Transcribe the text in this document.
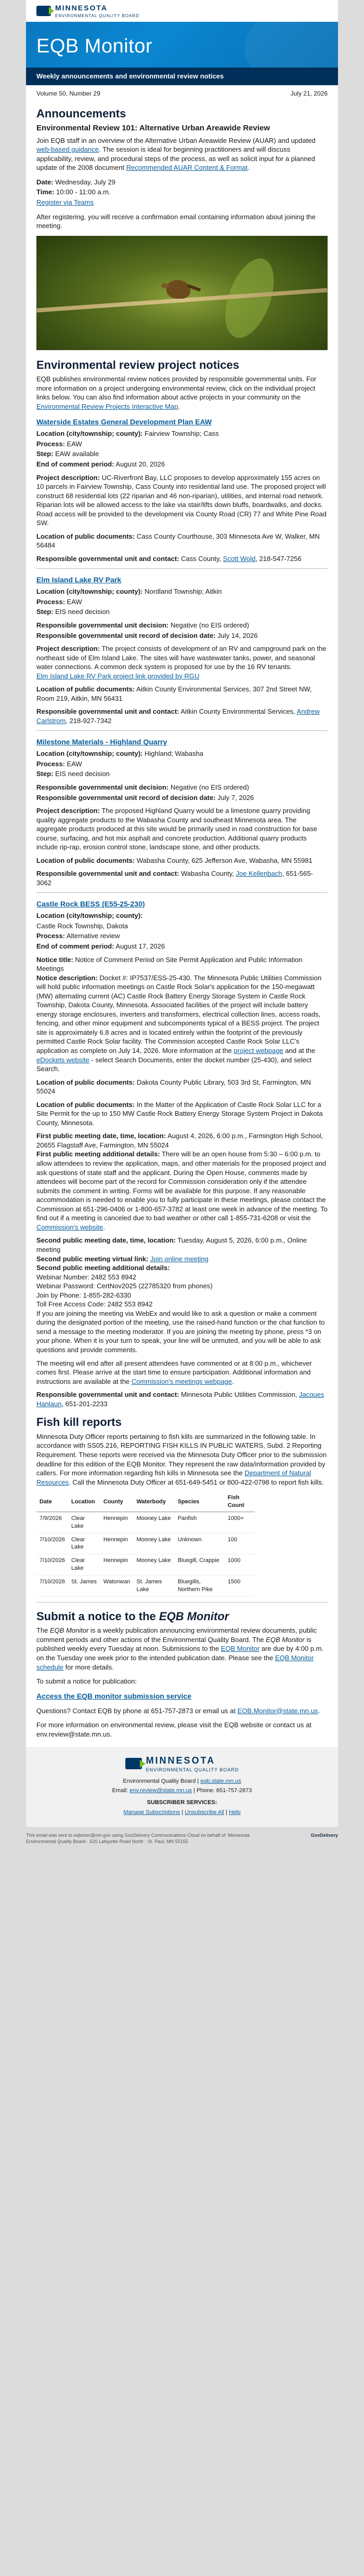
MINNESOTA
ENVIRONMENTAL QUALITY BOARD
EQB Monitor
Weekly announcements and environmental review notices
Volume 50, Number 29	July 21, 2026
Announcements
Environmental Review 101: Alternative Urban Areawide Review

Join EQB staff in an overview of the Alternative Urban Areawide Review (AUAR) and updated web-based guidance. The session is ideal for beginning practitioners and will discuss applicability, review, and procedural steps of the process, as well as solicit input for a planned update of the 2008 document Recommended AUAR Content & Format.

Date: Wednesday, July 29

Time: 10:00 - 11:00 a.m.

Register via Teams

After registering, you will receive a confirmation email containing information about joining the meeting.

Environmental review project notices

EQB publishes environmental review notices provided by responsible governmental units. For more information on a project undergoing environmental review, click on the individual project links below. You can also find information about active projects in your community on the Environmental Review Projects Interactive Map.

Waterside Estates General Development Plan EAW
Location (city/township; county): Fairview Township; Cass
Process: EAW
Step: EAW available
End of comment period: August 20, 2026

Project description: UC-Riverfront Bay, LLC proposes to develop approximately 155 acres on 10 parcels in Fairview Township, Cass County into residential land use. The proposed project will construct 68 residential lots (22 riparian and 46 non-riparian), utilities, and internal road network. Riparian lots will be allowed access to the lake via stair/lifts down bluffs, boardwalks, and docks. Road access will be provided to the development via County Road (CR) 77 and White Pine Road SW.

Location of public documents: Cass County Courthouse, 303 Minnesota Ave W, Walker, MN 56484

Responsible governmental unit and contact: Cass County, Scott Wold, 218-547-7256

Elm Island Lake RV Park
Location (city/township; county): Nordland Township; Aitkin
Process: EAW
Step: EIS need decision
Responsible governmental unit decision: Negative (no EIS ordered)
Responsible governmental unit record of decision date: July 14, 2026

Project description: The project consists of development of an RV and campground park on the northeast side of Elm Island Lake. The sites will have wastewater tanks, power, and seasonal water connections. A common deck system is proposed for use by the 16 RV tenants.

Elm Island Lake RV Park project link provided by RGU

Location of public documents: Aitkin County Environmental Services, 307 2nd Street NW, Room 219, Aitkin, MN 56431

Responsible governmental unit and contact: Aitkin County Environmental Services, Andrew Carlstrom, 218-927-7342

Milestone Materials - Highland Quarry
Location (city/township; county): Highland; Wabasha
Process: EAW
Step: EIS need decision
Responsible governmental unit decision: Negative (no EIS ordered)
Responsible governmental unit record of decision date: July 7, 2026

Project description: The proposed Highland Quarry would be a limestone quarry providing quality aggregate products to the Wabasha County and southeast Minnesota area. The aggregate products produced at this site would be primarily used in road construction for base course, surfacing, and hot mix asphalt and concrete production. Additional quarry products include rip-rap, erosion control stone, landscape stone, and other products.

Location of public documents: Wabasha County, 625 Jefferson Ave, Wabasha, MN 55981

Responsible governmental unit and contact: Wabasha County, Joe Kellenbach, 651-565-3062

Castle Rock BESS (E55-25-230)
Location (city/township; county):
Castle Rock Township, Dakota
Process: Alternative review
End of comment period: August 17, 2026

Notice title: Notice of Comment Period on Site Permit Application and Public Information Meetings

Notice description: Docket #: IP7537/ESS-25-430. The Minnesota Public Utilities Commission will hold public information meetings on Castle Rock Solar's application for the 150-megawatt (MW) alternating current (AC) Castle Rock Battery Energy Storage System in Castle Rock Township, Dakota County, Minnesota. Associated facilities of the project will include battery energy storage enclosures, inverters and transformers, electrical collection lines, access roads, fencing, and other minor equipment and subcomponents typical of a BESS project. The project site is approximately 6.8 acres and is located entirely within the footprint of the previously permitted Castle Rock Solar facility. The Commission accepted Castle Rock Solar LLC's application as complete on July 14, 2026. More information at the project webpage and at the eDockets website - select Search Documents, enter the docket number (25-430), and select Search.

Location of public documents: Dakota County Public Library, 503 3rd St, Farmington, MN 55024

Location of public documents: In the Matter of the Application of Castle Rock Solar LLC for a Site Permit for the up to 150 MW Castle Rock Battery Energy Storage System Project in Dakota County, Minnesota.

First public meeting date, time, location: August 4, 2026, 6:00 p.m., Farmington High School, 20655 Flagstaff Ave, Farmington, MN 55024

First public meeting additional details: There will be an open house from 5:30 – 6:00 p.m. to allow attendees to review the application, maps, and other materials for the proposed project and ask questions of state staff and the applicant. During the Open House, comments made by attendees will become part of the record for Commission consideration only if the attendee submits the comment in writing. Forms will be available for this purpose. If any reasonable accommodation is needed to enable you to fully participate in these meetings, please contact the Commission at 651-296-0406 or 1-800-657-3782 at least one week in advance of the meeting. To find out if a meeting is canceled due to bad weather or other call 1-855-731-6208 or visit the Commission's website.

Second public meeting date, time, location: Tuesday, August 5, 2026, 6:00 p.m., Online meeting

Second public meeting virtual link: Join online meeting

Second public meeting additional details:

Webinar Number: 2482 553 8942
Webinar Password: CertNov2025 (22785320 from phones)
Join by Phone: 1-855-282-6330
Toll Free Access Code: 2482 553 8942

If you are joining the meeting via WebEx and would like to ask a question or make a comment during the designated portion of the meeting, use the raised-hand function or the chat function to send a message to the meeting moderator. If you are joining the meeting by phone, press *3 on your phone. When it is your turn to speak, your line will be unmuted, and you will be able to ask questions and provide comments.

The meeting will end after all present attendees have commented or at 8:00 p.m., whichever comes first. Please arrive at the start time to ensure participation. Additional information and instructions are available at the Commission's meetings webpage.

Responsible governmental unit and contact: Minnesota Public Utilities Commission, Jacques Hanlaun, 651-201-2233

Fish kill reports

Minnesota Duty Officer reports pertaining to fish kills are summarized in the following table. In accordance with SS05.216, REPORTING FISH KILLS IN PUBLIC WATERS, Subd. 2 Reporting Requirement. These reports were received via the Minnesota Duty Officer prior to the submission deadline for this edition of the EQB Monitor. They represent the raw data/information provided by callers. For more information regarding fish kills in Minnesota see the Department of Natural Resources. Call the Minnesota Duty Officer at 651-649-5451 or 800-422-0798 to report fish kills.

Date	Location	County	Waterbody	Species	Fish Count
7/9/2026	Clear Lake	Hennepin	Mooney Lake	Panfish	1000+
7/10/2026	Clear Lake	Hennepin	Mooney Lake	Unknown	100
7/10/2026	Clear Lake	Hennepin	Mooney Lake	Bluegill, Crappie	1000
7/10/2026	St. James	Watonwan	St. James Lake	Bluegills, Northern Pike	1500
Submit a notice to the EQB Monitor

The EQB Monitor is a weekly publication announcing environmental review documents, public comment periods and other actions of the Environmental Quality Board. The EQB Monitor is published weekly every Tuesday at noon. Submissions to the EQB Monitor are due by 4:00 p.m. on the Tuesday one week prior to the intended publication date. Please see the EQB Monitor schedule for more details.

To submit a notice for publication:

Access the EQB monitor submission service

Questions? Contact EQB by phone at 651-757-2873 or email us at EQB.Monitor@state.mn.us.

For more information on environmental review, please visit the EQB website or contact us at env.review@state.mn.us.

MINNESOTA
ENVIRONMENTAL QUALITY BOARD

Environmental Quality Board | eqb.state.mn.us

Email: env.review@state.mn.us | Phone: 651-757-2873

SUBSCRIBER SERVICES:

Manage Subscriptions | Unsubscribe All | Help

This email was sent to eqbmon@mn.gov using GovDelivery Communications Cloud on behalf of: Minnesota Environmental Quality Board · 520 Lafayette Road North · St. Paul, MN 55155
GovDelivery
